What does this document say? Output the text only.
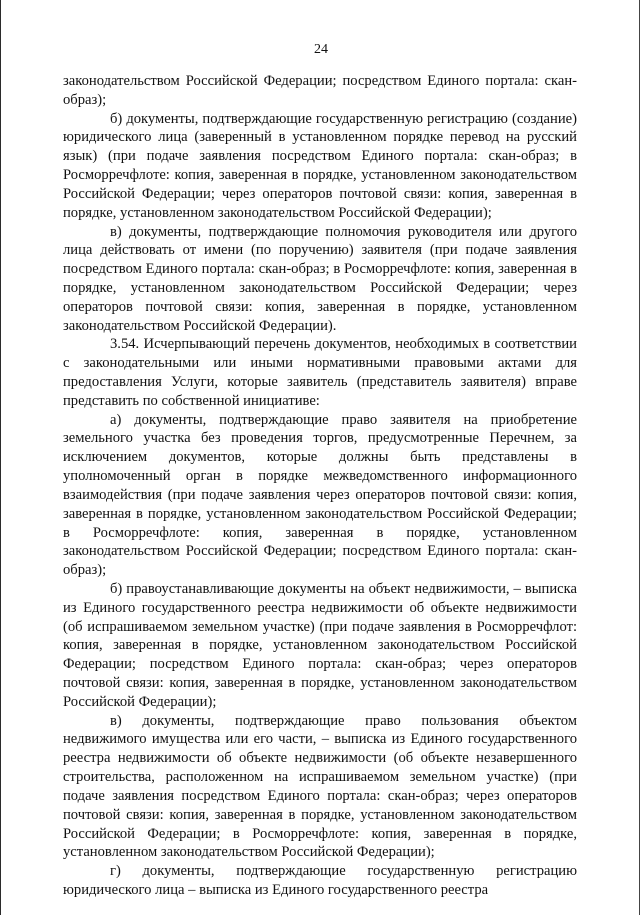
24

законодательством Российской Федерации; посредством Единого портала: скан-образ);

б) документы, подтверждающие государственную регистрацию (создание) юридического лица (заверенный в установленном порядке перевод на русский язык) (при подаче заявления посредством Единого портала: скан-образ; в Росморречфлоте: копия, заверенная в порядке, установленном законодательством Российской Федерации; через операторов почтовой связи: копия, заверенная в порядке, установленном законодательством Российской Федерации);

в) документы, подтверждающие полномочия руководителя или другого лица действовать от имени (по поручению) заявителя (при подаче заявления посредством Единого портала: скан-образ; в Росморречфлоте: копия, заверенная в порядке, установленном законодательством Российской Федерации; через операторов почтовой связи: копия, заверенная в порядке, установленном законодательством Российской Федерации).

3.54. Исчерпывающий перечень документов, необходимых в соответствии с законодательными или иными нормативными правовыми актами для предоставления Услуги, которые заявитель (представитель заявителя) вправе представить по собственной инициативе:

а) документы, подтверждающие право заявителя на приобретение земельного участка без проведения торгов, предусмотренные Перечнем, за исключением документов, которые должны быть представлены в уполномоченный орган в порядке межведомственного информационного взаимодействия (при подаче заявления через операторов почтовой связи: копия, заверенная в порядке, установленном законодательством Российской Федерации; в Росморречфлоте: копия, заверенная в порядке, установленном законодательством Российской Федерации; посредством Единого портала: скан-образ);

б) правоустанавливающие документы на объект недвижимости, – выписка из Единого государственного реестра недвижимости об объекте недвижимости (об испрашиваемом земельном участке) (при подаче заявления в Росморречфлот: копия, заверенная в порядке, установленном законодательством Российской Федерации; посредством Единого портала: скан-образ; через операторов почтовой связи: копия, заверенная в порядке, установленном законодательством Российской Федерации);

в) документы, подтверждающие право пользования объектом недвижимого имущества или его части, – выписка из Единого государственного реестра недвижимости об объекте недвижимости (об объекте незавершенного строительства, расположенном на испрашиваемом земельном участке) (при подаче заявления посредством Единого портала: скан-образ; через операторов почтовой связи: копия, заверенная в порядке, установленном законодательством Российской Федерации; в Росморречфлоте: копия, заверенная в порядке, установленном законодательством Российской Федерации);

г) документы, подтверждающие государственную регистрацию юридического лица – выписка из Единого государственного реестра
